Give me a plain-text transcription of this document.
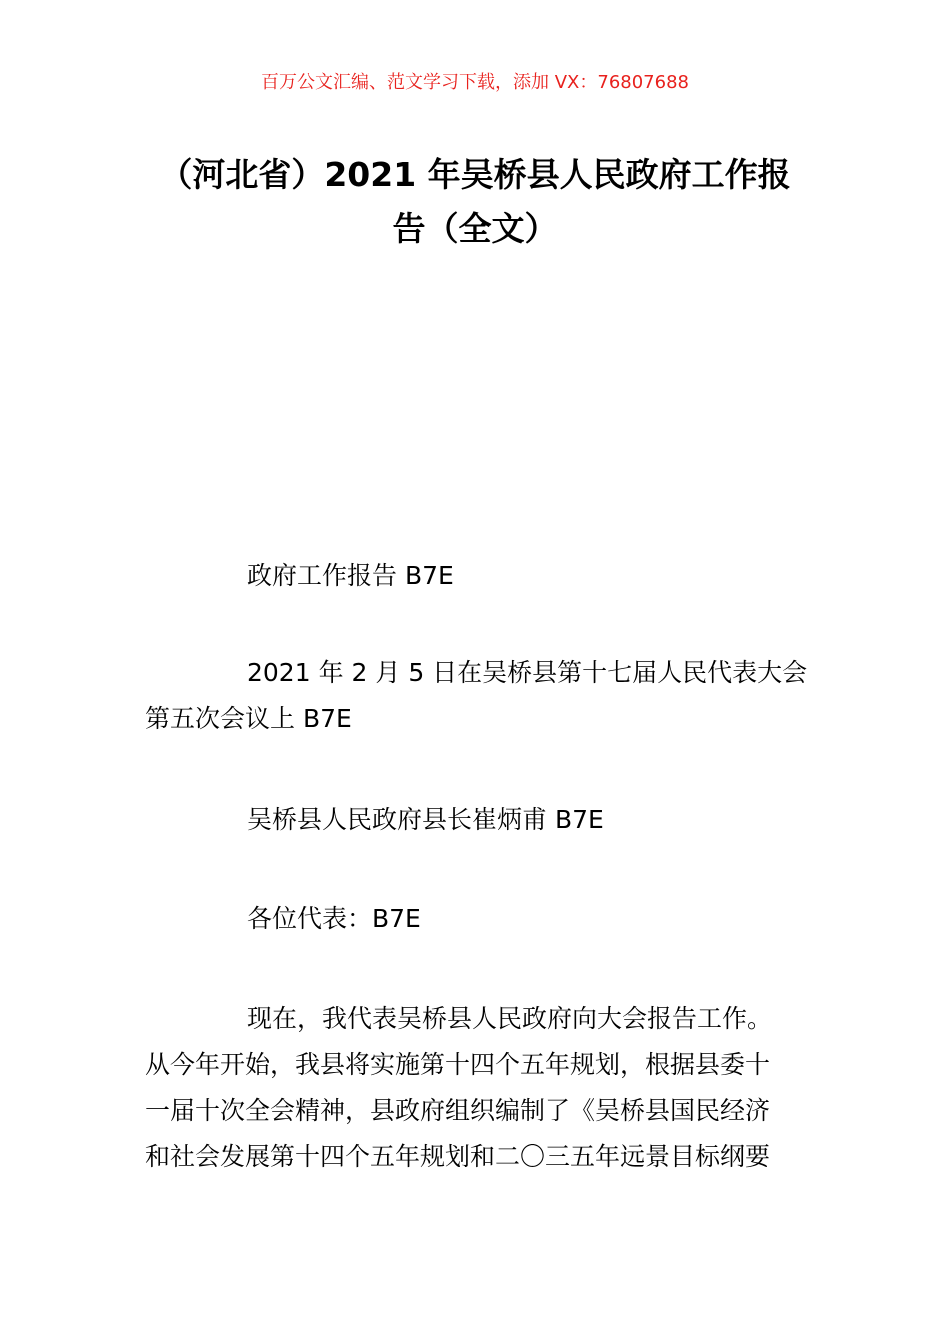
百万公文汇编、范文学习下载，添加 VX：76807688
（河北省）2021 年吴桥县人民政府工作报
告（全文）
政府工作报告 B7E
2021 年 2 月 5 日在吴桥县第十七届人民代表大会
第五次会议上 B7E
吴桥县人民政府县长崔炳甫 B7E
各位代表：B7E
现在，我代表吴桥县人民政府向大会报告工作。
从今年开始，我县将实施第十四个五年规划，根据县委十
一届十次全会精神，县政府组织编制了《吴桥县国民经济
和社会发展第十四个五年规划和二〇三五年远景目标纲要
